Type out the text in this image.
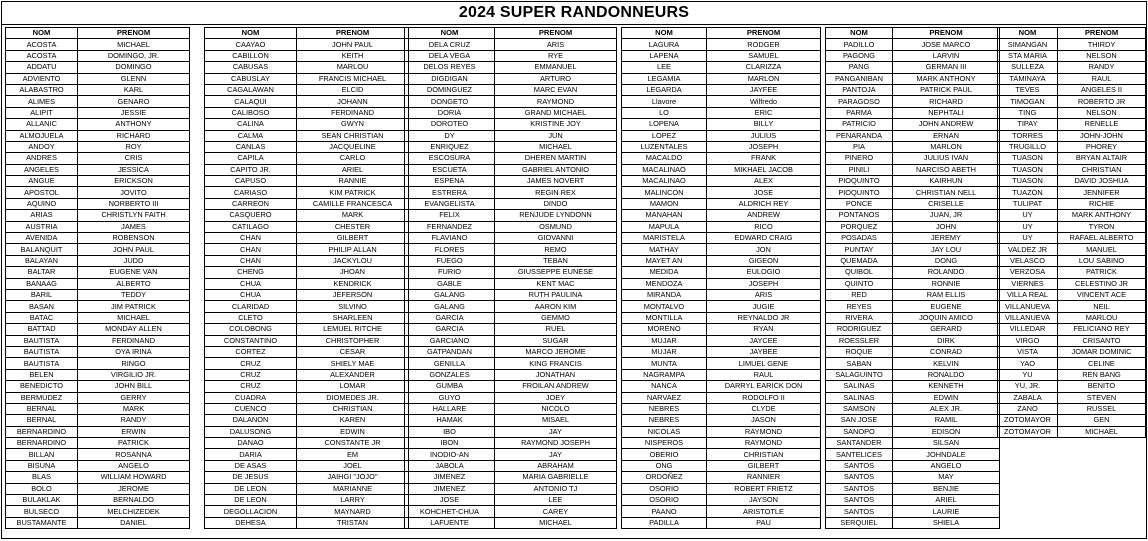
2024 SUPER RANDONNEURS
NOM	PRENOM
ACOSTA	MICHAEL
ACOSTA	DOMINGO, JR.
ADDATU	DOMINGO
ADVIENTO	GLENN
ALABASTRO	KARL
ALIMES	GENARO
ALIPIT	JESSIE
ALLANIC	ANTHONY
ALMOJUELA	RICHARD
ANDOY	ROY
ANDRES	CRIS
ANGELES	JESSICA
ANGUE	ERICKSON
APOSTOL	JOVITO
AQUINO	NORBERTO III
ARIAS	CHRISTLYN FAITH
AUSTRIA	JAMES
AVENIDA	ROBENSON
BALANQUIT	JOHN PAUL
BALAYAN	JUDD
BALTAR	EUGENE VAN
BANAAG	ALBERTO
BARIL	TEDDY
BASAN	JIM PATRICK
BATAC	MICHAEL
BATTAD	MONDAY ALLEN
BAUTISTA	FERDINAND
BAUTISTA	OYA IRINA
BAUTISTA	RINGO
BELEN	VIRGILIO JR.
BENEDICTO	JOHN BILL
BERMUDEZ	GERRY
BERNAL	MARK
BERNAL	RANDY
BERNARDINO	ERWIN
BERNARDINO	PATRICK
BILLAN	ROSANNA
BISUNA	ANGELO
BLAS	WILLIAM HOWARD
BOLO	JEROME
BULAKLAK	BERNALDO
BULSECO	MELCHIZEDEK
BUSTAMANTE	DANIEL
NOM	PRENOM
CAAYAO	JOHN PAUL
CABILLON	KEITH
CABUSAS	MARLOU
CABUSLAY	FRANCIS MICHAEL
CAGALAWAN	ELCID
CALAQUI	JOHANN
CALIBOSO	FERDINAND
CALINA	GWYN
CALMA	SEAN CHRISTIAN
CANLAS	JACQUELINE
CAPILA	CARLO
CAPITO JR.	ARIEL
CAPUSO	RANNIE
CARIASO	KIM PATRICK
CARREON	CAMILLE FRANCESCA
CASQUERO	MARK
CATILAGO	CHESTER
CHAN	GILBERT
CHAN	PHILIP ALLAN
CHAN	JACKYLOU
CHENG	JHOAN
CHUA	KENDRICK
CHUA	JEFERSON
CLARIDAD	SILVINO
CLETO	SHARLEEN
COLOBONG	LEMUEL RITCHE
CONSTANTINO	CHRISTOPHER
CORTEZ	CESAR
CRUZ	SHIELY MAE
CRUZ	ALEXANDER
CRUZ	LOMAR
CUADRA	DIOMEDES JR.
CUENCO	CHRISTIAN
DALANON	KAREN
DALUSONG	EDWIN
DANAO	CONSTANTE JR
DARIA	EM
DE ASAS	JOEL
DE JESUS	JAIHGI "JOJO"
DE LEON	MARIANNE
DE LEON	LARRY
DEGOLLACION	MAYNARD
DEHESA	TRISTAN
NOM	PRENOM
DELA CRUZ	ARIS
DELA VEGA	RYE
DELOS REYES	EMMANUEL
DIGDIGAN	ARTURO
DOMINGUEZ	MARC EVAN
DONGETO	RAYMOND
DORIA	GRAND MICHAEL
DOROTEO	KRISTINE JOY
DY	JUN
ENRIQUEZ	MICHAEL
ESCOSURA	DHEREN MARTIN
ESCUETA	GABRIEL ANTONIO
ESPENA	JAMES NOVERT
ESTRERA	REGIN REX
EVANGELISTA	DINDO
FELIX	RENJUDE LYNDONN
FERNANDEZ	OSMUND
FLAVIANO	GIOVANNI
FLORES	REMO
FUEGO	TEBAN
FURIO	GIUSSEPPE EUNESE
GABLE	KENT MAC
GALANG	RUTH PAULINA
GALANG	AARON KIM
GARCIA	GEMMO
GARCIA	RUEL
GARCIANO	SUGAR
GATPANDAN	MARCO JEROME
GENILLA	KING FRANCIS
GONZALES	JONATHAN
GUMBA	FROILAN ANDREW
GUYO	JOEY
HALLARE	NICOLO
HAMAK	MISAEL
IBO	JAY
IBON	RAYMOND JOSEPH
INODIO-AN	JAY
JABOLA	ABRAHAM
JIMENEZ	MARIA GABRIELLE
JIMENEZ	ANTONIO TJ
JOSE	LEE
KOHCHET-CHUA	CAREY
LAFUENTE	MICHAEL
NOM	PRENOM
LAGURA	RODGER
LAPENA	SAMUEL
LEE	CLARIZZA
LEGAMIA	MARLON
LEGARDA	JAYFEE
Llavore	Wilfredo
LO	ERIC
LOPENA	BILLY
LOPEZ	JULIUS
LUZENTALES	JOSEPH
MACALDO	FRANK
MACALINAO	MIKHAEL JACOB
MACALINAO	ALEX
MALINCON	JOSE
MAMON	ALDRICH REY
MANAHAN	ANDREW
MAPULA	RICO
MARISTELA	EDWARD CRAIG
MATHAY	JON
MAYET AN	GIGEON
MEDIDA	EULOGIO
MENDOZA	JOSEPH
MIRANDA	ARIS
MONTALVO	JUGIE
MONTILLA	REYNALDO JR
MORENO	RYAN
MUJAR	JAYCEE
MUJAR	JAYBEE
MUNTA	LIMUEL GENE
NAGRAMPA	RAUL
NANCA	DARRYL EARICK DON
NARVAEZ	RODOLFO II
NEBRES	CLYDE
NEBRES	JASON
NICOLAS	RAYMOND
NISPEROS	RAYMOND
OBERIO	CHRISTIAN
ONG	GILBERT
ORDOÑEZ	RANNIER
OSORIO	ROBERT FRIETZ
OSORIO	JAYSON
PAANO	ARISTOTLE
PADILLA	PAU
NOM	PRENOM
PADILLO	JOSE MARCO
PAGONG	LARVIN
PANG	GERMAN III
PANGANIBAN	MARK ANTHONY
PANTOJA	PATRICK PAUL
PARAGOSO	RICHARD
PARMA	NEPHTALI
PATRICIO	JOHN ANDREW
PENARANDA	ERNAN
PIA	MARLON
PINERO	JULIUS IVAN
PINILI	NARCISO ABETH
PIOQUINTO	KAIRHUN
PIOQUINTO	CHRISTIAN NELL
PONCE	CRISELLE
PONTANOS	JUAN, JR
PORQUEZ	JOHN
POSADAS	JEREMY
PUNTAY	JAY LOU
QUEMADA	DONG
QUIBOL	ROLANDO
QUINTO	RONNIE
RED	RAM ELLIS
REYES	EUGENE
RIVERA	JOQUIN AMICO
RODRIGUEZ	GERARD
ROESSLER	DIRK
ROQUE	CONRAD
SABAN	KELVIN
SALAGUINTO	RONALDO
SALINAS	KENNETH
SALINAS	EDWIN
SAMSON	ALEX JR.
SAN JOSE	RAMIL
SANOPO	EDISON
SANTANDER	SILSAN
SANTELICES	JOHNDALE
SANTOS	ANGELO
SANTOS	MAY
SANTOS	BENJIE
SANTOS	ARIEL
SANTOS	LAURIE
SERQUIEL	SHIELA
NOM	PRENOM
SIMANGAN	THIRDY
STA MARIA	NELSON
SULLEZA	RANDY
TAMINAYA	RAUL
TEVES	ANGELES II
TIMOGAN	ROBERTO JR
TING	NELSON
TIPAY	RENELLE
TORRES	JOHN-JOHN
TRUGILLO	PHOREY
TUASON	BRYAN ALTAIR
TUASON	CHRISTIAN
TUASON	DAVID JOSHUA
TUAZON	JENNIFER
TULIPAT	RICHIE
UY	MARK ANTHONY
UY	TYRON
UY	RAFAEL ALBERTO
VALDEZ JR	MANUEL
VELASCO	LOU SABINO
VERZOSA	PATRICK
VIERNES	CELESTINO JR
VILLA REAL	VINCENT ACE
VILLANUEVA	NEIL
VILLANUEVA	MARLOU
VILLEDAR	FELICIANO REY
VIRGO	CRISANTO
VISTA	JOMAR DOMINIC
YAO	CELINE
YU	REN BANG
YU, JR.	BENITO
ZABALA	STEVEN
ZANO	RUSSEL
ZOTOMAYOR	GEN
ZOTOMAYOR	MICHAEL
